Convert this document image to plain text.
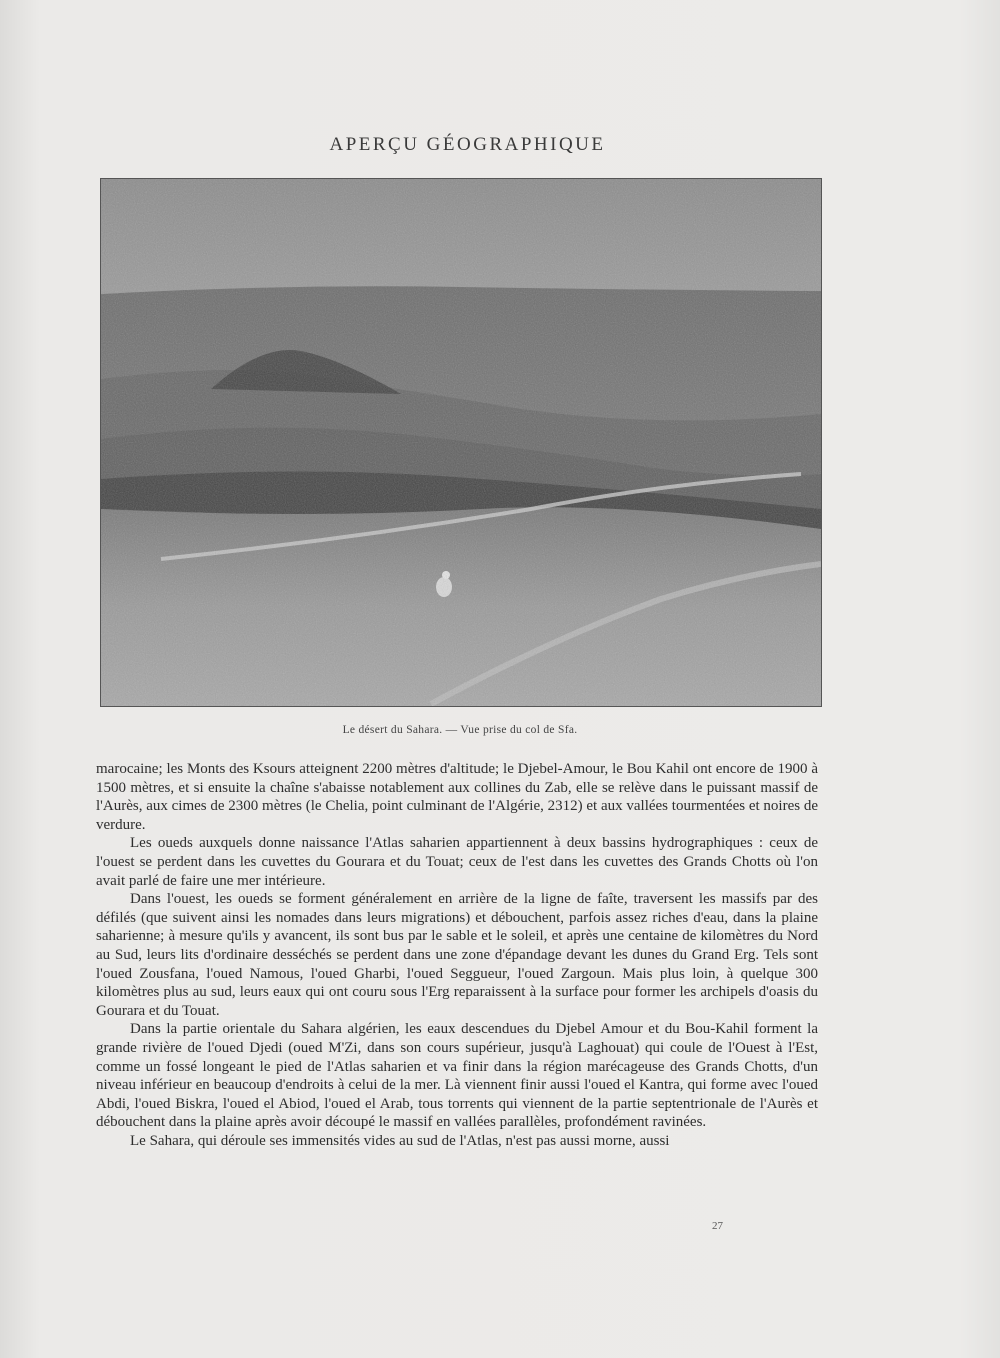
APERÇU GÉOGRAPHIQUE
Le désert du Sahara. — Vue prise du col de Sfa.

marocaine; les Monts des Ksours atteignent 2200 mètres d'altitude; le Djebel-Amour, le Bou Kahil ont encore de 1900 à 1500 mètres, et si ensuite la chaîne s'abaisse notablement aux collines du Zab, elle se relève dans le puissant massif de l'Aurès, aux cimes de 2300 mètres (le Chelia, point culminant de l'Algérie, 2312) et aux vallées tourmentées et noires de verdure.

Les oueds auxquels donne naissance l'Atlas saharien appartiennent à deux bassins hydrographiques : ceux de l'ouest se perdent dans les cuvettes du Gourara et du Touat; ceux de l'est dans les cuvettes des Grands Chotts où l'on avait parlé de faire une mer intérieure.

Dans l'ouest, les oueds se forment généralement en arrière de la ligne de faîte, traversent les massifs par des défilés (que suivent ainsi les nomades dans leurs migrations) et débouchent, parfois assez riches d'eau, dans la plaine saharienne; à mesure qu'ils y avancent, ils sont bus par le sable et le soleil, et après une centaine de kilomètres du Nord au Sud, leurs lits d'ordinaire desséchés se perdent dans une zone d'épandage devant les dunes du Grand Erg. Tels sont l'oued Zousfana, l'oued Namous, l'oued Gharbi, l'oued Seggueur, l'oued Zargoun. Mais plus loin, à quelque 300 kilomètres plus au sud, leurs eaux qui ont couru sous l'Erg reparaissent à la surface pour former les archipels d'oasis du Gourara et du Touat.

Dans la partie orientale du Sahara algérien, les eaux descendues du Djebel Amour et du Bou-Kahil forment la grande rivière de l'oued Djedi (oued M'Zi, dans son cours supérieur, jusqu'à Laghouat) qui coule de l'Ouest à l'Est, comme un fossé longeant le pied de l'Atlas saharien et va finir dans la région marécageuse des Grands Chotts, d'un niveau inférieur en beaucoup d'endroits à celui de la mer. Là viennent finir aussi l'oued el Kantra, qui forme avec l'oued Abdi, l'oued Biskra, l'oued el Abiod, l'oued el Arab, tous torrents qui viennent de la partie septentrionale de l'Aurès et débouchent dans la plaine après avoir découpé le massif en vallées parallèles, profondément ravinées.

Le Sahara, qui déroule ses immensités vides au sud de l'Atlas, n'est pas aussi morne, aussi

27
